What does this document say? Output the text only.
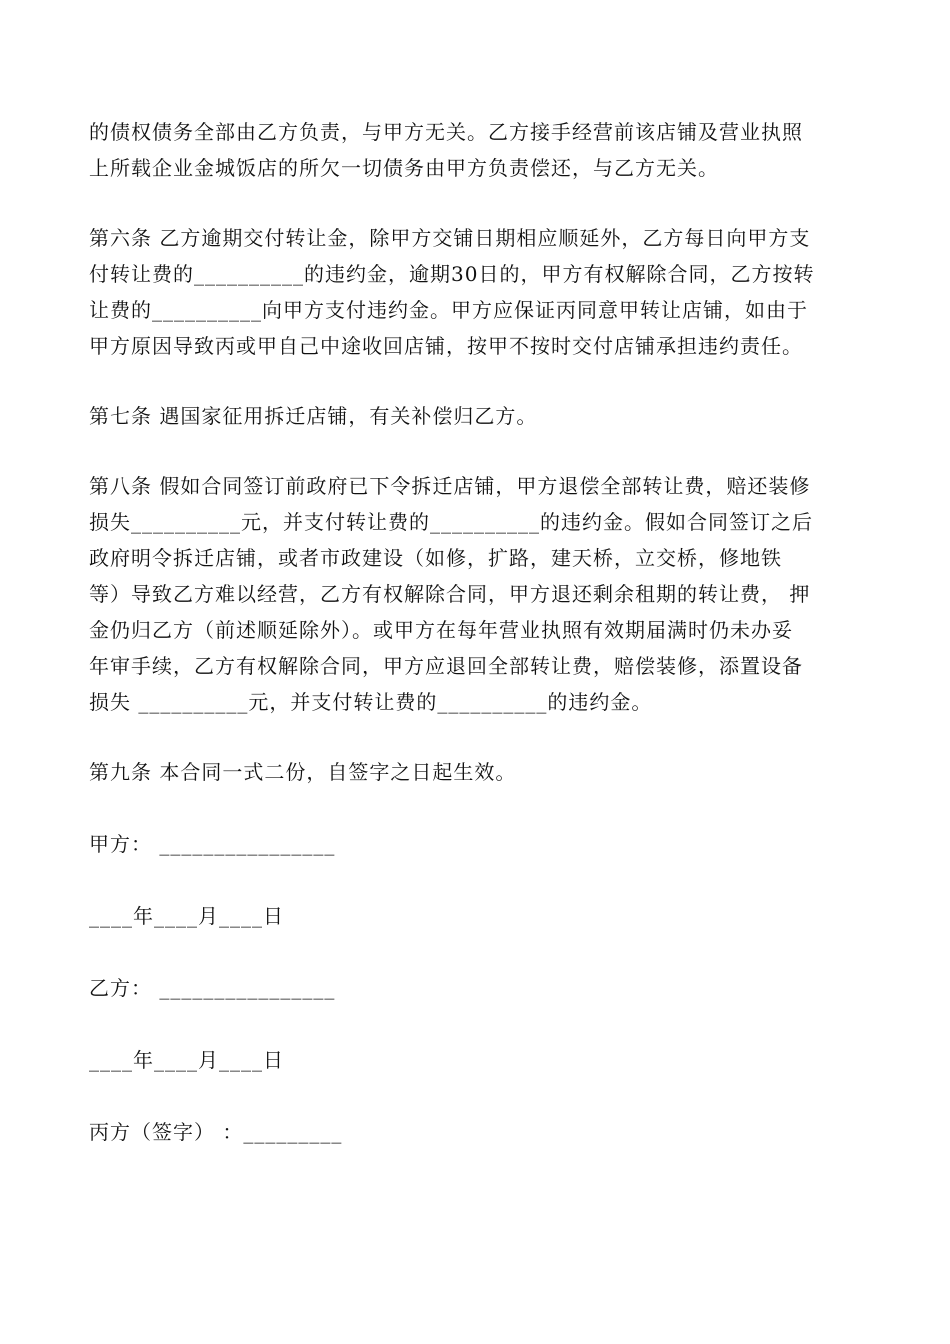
的债权债务全部由乙方负责，与甲方无关。乙方接手经营前该店铺及营业执照
上所载企业金城饭店的所欠一切债务由甲方负责偿还，与乙方无关。
第六条 乙方逾期交付转让金，除甲方交铺日期相应顺延外，乙方每日向甲方支
付转让费的__________的违约金，逾期30日的，甲方有权解除合同，乙方按转
让费的__________向甲方支付违约金。甲方应保证丙同意甲转让店铺，如由于
甲方原因导致丙或甲自己中途收回店铺，按甲不按时交付店铺承担违约责任。
第七条 遇国家征用拆迁店铺，有关补偿归乙方。
第八条 假如合同签订前政府已下令拆迁店铺，甲方退偿全部转让费，赔还装修
损失__________元，并支付转让费的__________的违约金。假如合同签订之后
政府明令拆迁店铺，或者市政建设（如修，扩路，建天桥，立交桥，修地铁
等）导致乙方难以经营，乙方有权解除合同，甲方退还剩余租期的转让费， 押
金仍归乙方（前述顺延除外）。或甲方在每年营业执照有效期届满时仍未办妥
年审手续，乙方有权解除合同，甲方应退回全部转让费，赔偿装修，添置设备
损失 __________元，并支付转让费的__________的违约金。
第九条 本合同一式二份，自签字之日起生效。
甲方： ________________
____年____月____日
乙方： ________________
____年____月____日
丙方（签字） ：_________
